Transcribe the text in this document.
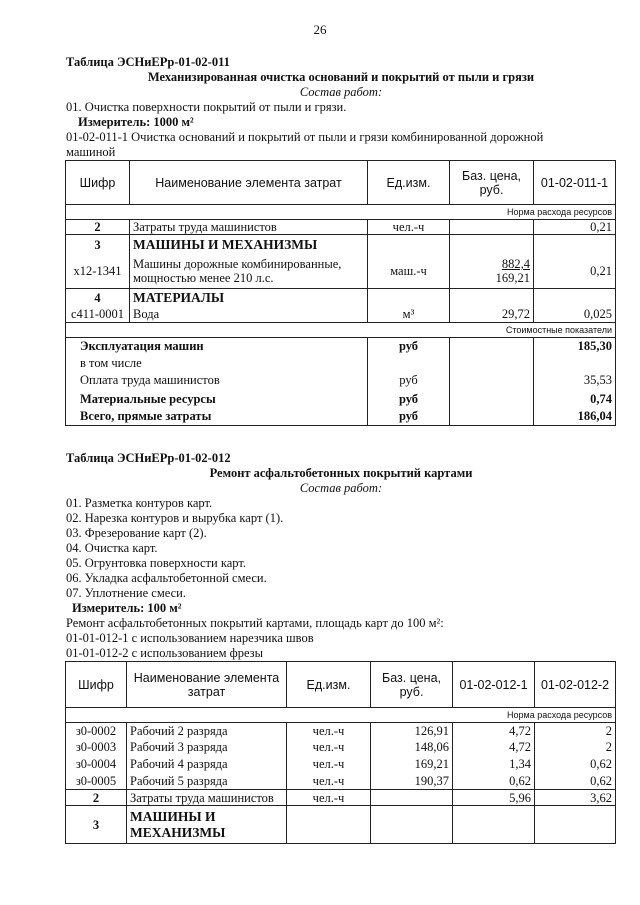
26
Таблица ЭСНиЕРр-01-02-011
Механизированная очистка оснований и покрытий от пыли и грязи
Состав работ:
01. Очистка поверхности покрытий от пыли и грязи.
Измеритель: 1000 м²
01-02-011-1 Очистка оснований и покрытий от пыли и грязи комбинированной дорожной
машиной
Шифр	Наименование элемента затрат	Ед.изм.	Баз. цена, руб.	01-02-011-1
Норма расхода ресурсов				
2	Затраты труда машинистов	чел.-ч		0,21
3	МАШИНЫ И МЕХАНИЗМЫ			
х12-1341	Машины дорожные комбинированные, мощностью менее 210 л.с.	маш.-ч	882,4
169,21	0,21
4	МАТЕРИАЛЫ			
с411-0001	Вода	м³	29,72	0,025
Стоимостные показатели				
Эксплуатация машин		руб		185,30
в том числе				
Оплата труда машинистов		руб		35,53
Материальные ресурсы		руб		0,74
Всего, прямые затраты		руб		186,04
Таблица ЭСНиЕРр-01-02-012
Ремонт асфальтобетонных покрытий картами
Состав работ:
01. Разметка контуров карт.
02. Нарезка контуров и вырубка карт (1).
03. Фрезерование карт (2).
04. Очистка карт.
05. Огрунтовка поверхности карт.
06. Укладка асфальтобетонной смеси.
07. Уплотнение смеси.
Измеритель: 100 м²
Ремонт асфальтобетонных покрытий картами, площадь карт до 100 м²:
01-01-012-1 с использованием нарезчика швов
01-01-012-2 с использованием фрезы
Шифр	Наименование элемента затрат	Ед.изм.	Баз. цена, руб.	01-02-012-1	01-02-012-2
Норма расхода ресурсов					
з0-0002	Рабочий 2 разряда	чел.-ч	126,91	4,72	2
з0-0003	Рабочий 3 разряда	чел.-ч	148,06	4,72	2
з0-0004	Рабочий 4 разряда	чел.-ч	169,21	1,34	0,62
з0-0005	Рабочий 5 разряда	чел.-ч	190,37	0,62	0,62
2	Затраты труда машинистов	чел.-ч		5,96	3,62
3	МАШИНЫ И МЕХАНИЗМЫ				
